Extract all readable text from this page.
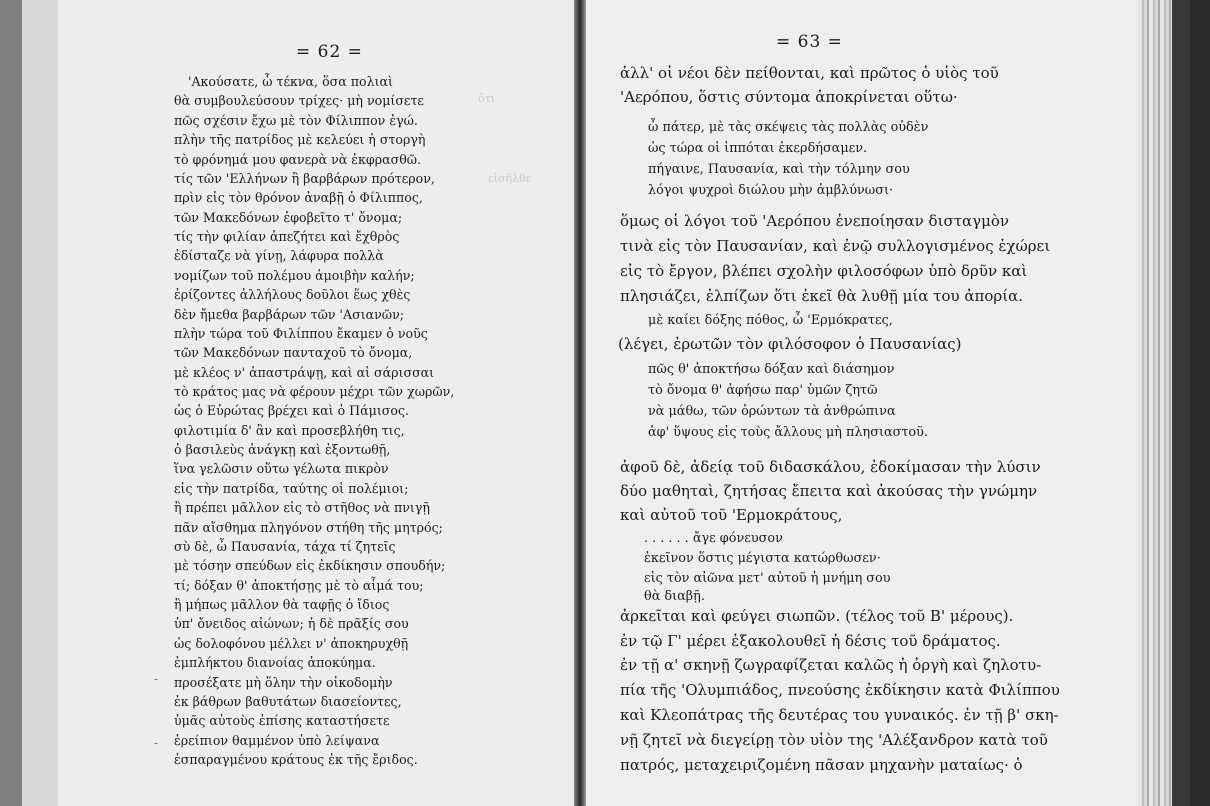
= 62 =
ὅτι
εἰσῆλθε
'Ακούσατε, ὦ τέκνα, ὅσα πολιαὶ
θὰ συμβουλεύσουν τρίχες· μὴ νομίσετε
πῶς σχέσιν ἔχω μὲ τὸν Φίλιππον ἐγώ.
πλὴν τῆς πατρίδος μὲ κελεύει ἡ στοργὴ
τὸ φρόνημά μου φανερὰ νὰ ἐκφρασθῶ.
τίς τῶν 'Ελλήνων ἢ βαρβάρων πρότερον,
πρὶν εἰς τὸν θρόνον ἀναβῇ ὁ Φίλιππος,
τῶν Μακεδόνων ἐφοβεῖτο τ' ὄνομα;
τίς τὴν φιλίαν ἀπεζήτει καὶ ἔχθρὸς
ἐδίσταζε νὰ γίνῃ, λάφυρα πολλὰ
νομίζων τοῦ πολέμου ἀμοιβὴν καλήν;
ἐρίζοντες ἀλλήλους δοῦλοι ἕως χθὲς
δὲν ἤμεθα βαρβάρων τῶν 'Ασιανῶν;
πλὴν τώρα τοῦ Φιλίππου ἔκαμεν ὁ νοῦς
τῶν Μακεδόνων πανταχοῦ τὸ ὄνομα,
μὲ κλέος ν' ἀπαστράψῃ, καὶ αἱ σάρισσαι
τὸ κράτος μας νὰ φέρουν μέχρι τῶν χωρῶν,
ὡς ὁ Εὐρώτας βρέχει καὶ ὁ Πάμισος.
φιλοτιμία δ' ἂν καὶ προσεβλήθη τις,
ὁ βασιλεὺς ἀνάγκῃ καὶ ἐξοντωθῇ,
ἵνα γελῶσιν οὕτω γέλωτα πικρὸν
εἰς τὴν πατρίδα, ταύτης οἱ πολέμιοι;
ἢ πρέπει μᾶλλον εἰς τὸ στῆθος νὰ πνιγῇ
πᾶν αἴσθημα πληγόνον στήθη τῆς μητρός;
σὺ δὲ, ὦ Παυσανία, τάχα τί ζητεῖς
μὲ τόσην σπεύδων εἰς ἐκδίκησιν σπουδήν;
τί; δόξαν θ' ἀποκτήσῃς μὲ τὸ αἷμά του;
ἢ μήπως μᾶλλον θὰ ταφῇς ὁ ἴδιος
ὑπ' ὄνειδος αἰώνων; ἡ δὲ πρᾶξίς σου
ὡς δολοφόνου μέλλει ν' ἀποκηρυχθῇ
ἐμπλήκτου διανοίας ἀποκύημα.
προσέξατε μὴ ὅλην τὴν οἰκοδομὴν
ἐκ βάθρων βαθυτάτων διασείοντες,
ὑμᾶς αὐτοὺς ἐπίσης καταστήσετε
ἐρείπιον θαμμένον ὑπὸ λείψανα
ἐσπαραγμένου κράτους ἐκ τῆς ἔριδος.
-
-
= 63 =
ἀλλ' οἱ νέοι δὲν πείθονται, καὶ πρῶτος ὁ υἱὸς τοῦ
'Αερόπου, ὅστις σύντομα ἀποκρίνεται οὕτω·
ὦ πάτερ, μὲ τὰς σκέψεις τὰς πολλὰς οὐδὲν
ὡς τώρα οἱ ἱππόται ἐκερδήσαμεν.
πήγαινε, Παυσανία, καὶ τὴν τόλμην σου
λόγοι ψυχροὶ διώλου μὴν ἀμβλύνωσι·
ὅμως οἱ λόγοι τοῦ 'Αερόπου ἐνεποίησαν δισταγμὸν
τινὰ εἰς τὸν Παυσανίαν, καὶ ἐνῷ συλλογισμένος ἐχώρει
εἰς τὸ ἔργον, βλέπει σχολὴν φιλοσόφων ὑπὸ δρῦν καὶ
πλησιάζει, ἐλπίζων ὅτι ἐκεῖ θὰ λυθῇ μία του ἀπορία.
μὲ καίει δόξης πόθος, ὦ 'Ερμόκρατες,
(λέγει, ἐρωτῶν τὸν φιλόσοφον ὁ Παυσανίας)
πῶς θ' ἀποκτήσω δόξαν καὶ διάσημον
τὸ ὄνομα θ' ἀφήσω παρ' ὑμῶν ζητῶ
νὰ μάθω, τῶν ὁρώντων τὰ ἀνθρώπινα
ἀφ' ὕψους εἰς τοὺς ἄλλους μὴ πλησιαστοῦ.
ἀφοῦ δὲ, ἀδείᾳ τοῦ διδασκάλου, ἐδοκίμασαν τὴν λύσιν
δύο μαθηταὶ, ζητήσας ἔπειτα καὶ ἀκούσας τὴν γνώμην
καὶ αὐτοῦ τοῦ 'Ερμοκράτους,
. . . . . . ἄγε φόνευσον
ἐκεῖνον ὅστις μέγιστα κατώρθωσεν·
εἰς τὸν αἰῶνα μετ' αὐτοῦ ἡ μνήμη σου
θὰ διαβῇ.
ἀρκεῖται καὶ φεύγει σιωπῶν. (τέλος τοῦ Β' μέρους).
ἐν τῷ Γ' μέρει ἐξακολουθεῖ ἡ δέσις τοῦ δράματος.
ἐν τῇ α' σκηνῇ ζωγραφίζεται καλῶς ἡ ὀργὴ καὶ ζηλοτυ-
πία τῆς 'Ολυμπιάδος, πνεούσης ἐκδίκησιν κατὰ Φιλίππου
καὶ Κλεοπάτρας τῆς δευτέρας του γυναικός. ἐν τῇ β' σκη-
νῇ ζητεῖ νὰ διεγείρῃ τὸν υἱὸν της 'Αλέξανδρον κατὰ τοῦ
πατρός, μεταχειριζομένη πᾶσαν μηχανὴν ματαίως· ὁ
